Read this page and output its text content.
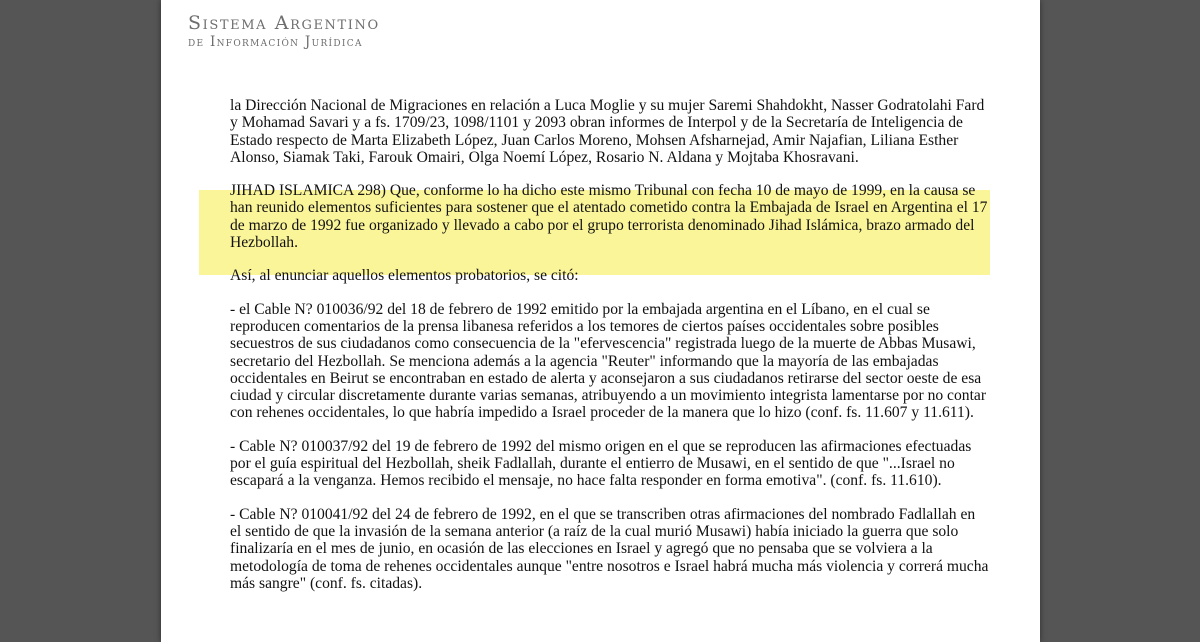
Sistema Argentino
de Información Jurídica

la Dirección Nacional de Migraciones en relación a Luca Moglie y su mujer Saremi Shahdokht, Nasser Godratolahi Fard y Mohamad Savari y a fs. 1709/23, 1098/1101 y 2093 obran informes de Interpol y de la Secretaría de Inteligencia de Estado respecto de Marta Elizabeth López, Juan Carlos Moreno, Mohsen Afsharnejad, Amir Najafian, Liliana Esther Alonso, Siamak Taki, Farouk Omairi, Olga Noemí López, Rosario N. Aldana y Mojtaba Khosravani.

JIHAD ISLAMICA 298) Que, conforme lo ha dicho este mismo Tribunal con fecha 10 de mayo de 1999, en la causa se han reunido elementos suficientes para sostener que el atentado cometido contra la Embajada de Israel en Argentina el 17 de marzo de 1992 fue organizado y llevado a cabo por el grupo terrorista denominado Jihad Islámica, brazo armado del Hezbollah.

Así, al enunciar aquellos elementos probatorios, se citó:

- el Cable N? 010036/92 del 18 de febrero de 1992 emitido por la embajada argentina en el Líbano, en el cual se reproducen comentarios de la prensa libanesa referidos a los temores de ciertos países occidentales sobre posibles secuestros de sus ciudadanos como consecuencia de la "efervescencia" registrada luego de la muerte de Abbas Musawi, secretario del Hezbollah. Se menciona además a la agencia "Reuter" informando que la mayoría de las embajadas occidentales en Beirut se encontraban en estado de alerta y aconsejaron a sus ciudadanos retirarse del sector oeste de esa ciudad y circular discretamente durante varias semanas, atribuyendo a un movimiento integrista lamentarse por no contar con rehenes occidentales, lo que habría impedido a Israel proceder de la manera que lo hizo (conf. fs. 11.607 y 11.611).

- Cable N? 010037/92 del 19 de febrero de 1992 del mismo origen en el que se reproducen las afirmaciones efectuadas por el guía espiritual del Hezbollah, sheik Fadlallah, durante el entierro de Musawi, en el sentido de que "...Israel no escapará a la venganza. Hemos recibido el mensaje, no hace falta responder en forma emotiva". (conf. fs. 11.610).

- Cable N? 010041/92 del 24 de febrero de 1992, en el que se transcriben otras afirmaciones del nombrado Fadlallah en el sentido de que la invasión de la semana anterior (a raíz de la cual murió Musawi) había iniciado la guerra que solo finalizaría en el mes de junio, en ocasión de las elecciones en Israel y agregó que no pensaba que se volviera a la metodología de toma de rehenes occidentales aunque "entre nosotros e Israel habrá mucha más violencia y correrá mucha más sangre" (conf. fs. citadas).
